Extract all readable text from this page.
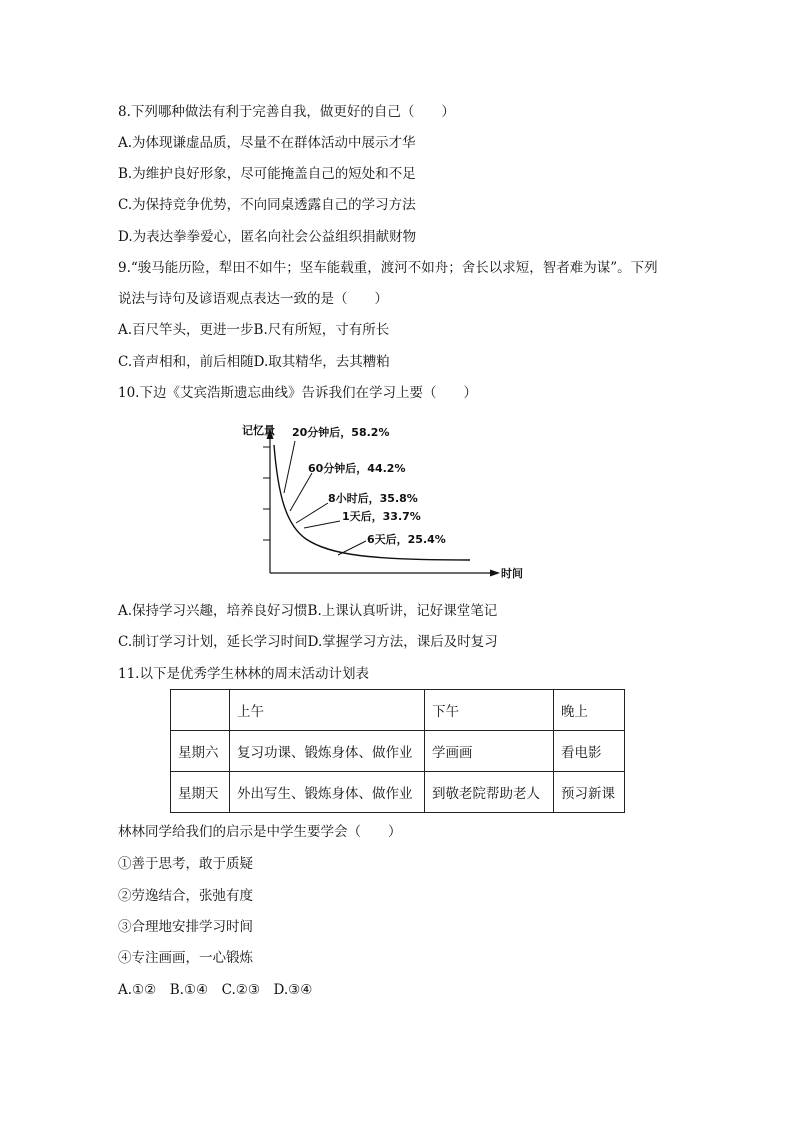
8.下列哪种做法有利于完善自我，做更好的自己（　　）
A.为体现谦虚品质，尽量不在群体活动中展示才华
B.为维护良好形象，尽可能掩盖自己的短处和不足
C.为保持竞争优势，不向同桌透露自己的学习方法
D.为表达拳拳爱心，匿名向社会公益组织捐献财物
9.“骏马能历险，犁田不如牛；坚车能载重，渡河不如舟；舍长以求短，智者难为谋”。下列
说法与诗句及谚语观点表达一致的是（　　）
A.百尺竿头，更进一步B.尺有所短，寸有所长
C.音声相和，前后相随D.取其精华，去其糟粕
10.下边《艾宾浩斯遗忘曲线》告诉我们在学习上要（　　）
记忆量
时间
20分钟后，58.2%
60分钟后，44.2%
8小时后，35.8%
1天后，33.7%
6天后，25.4%
A.保持学习兴趣，培养良好习惯B.上课认真听讲，记好课堂笔记
C.制订学习计划，延长学习时间D.掌握学习方法，课后及时复习
11.以下是优秀学生林林的周末活动计划表
	上午	下午	晚上
星期六	复习功课、锻炼身体、做作业	学画画	看电影
星期天	外出写生、锻炼身体、做作业	到敬老院帮助老人	预习新课
林林同学给我们的启示是中学生要学会（　　）
①善于思考，敢于质疑
②劳逸结合，张弛有度
③合理地安排学习时间
④专注画画，一心锻炼
A.①②　B.①④　C.②③　D.③④
